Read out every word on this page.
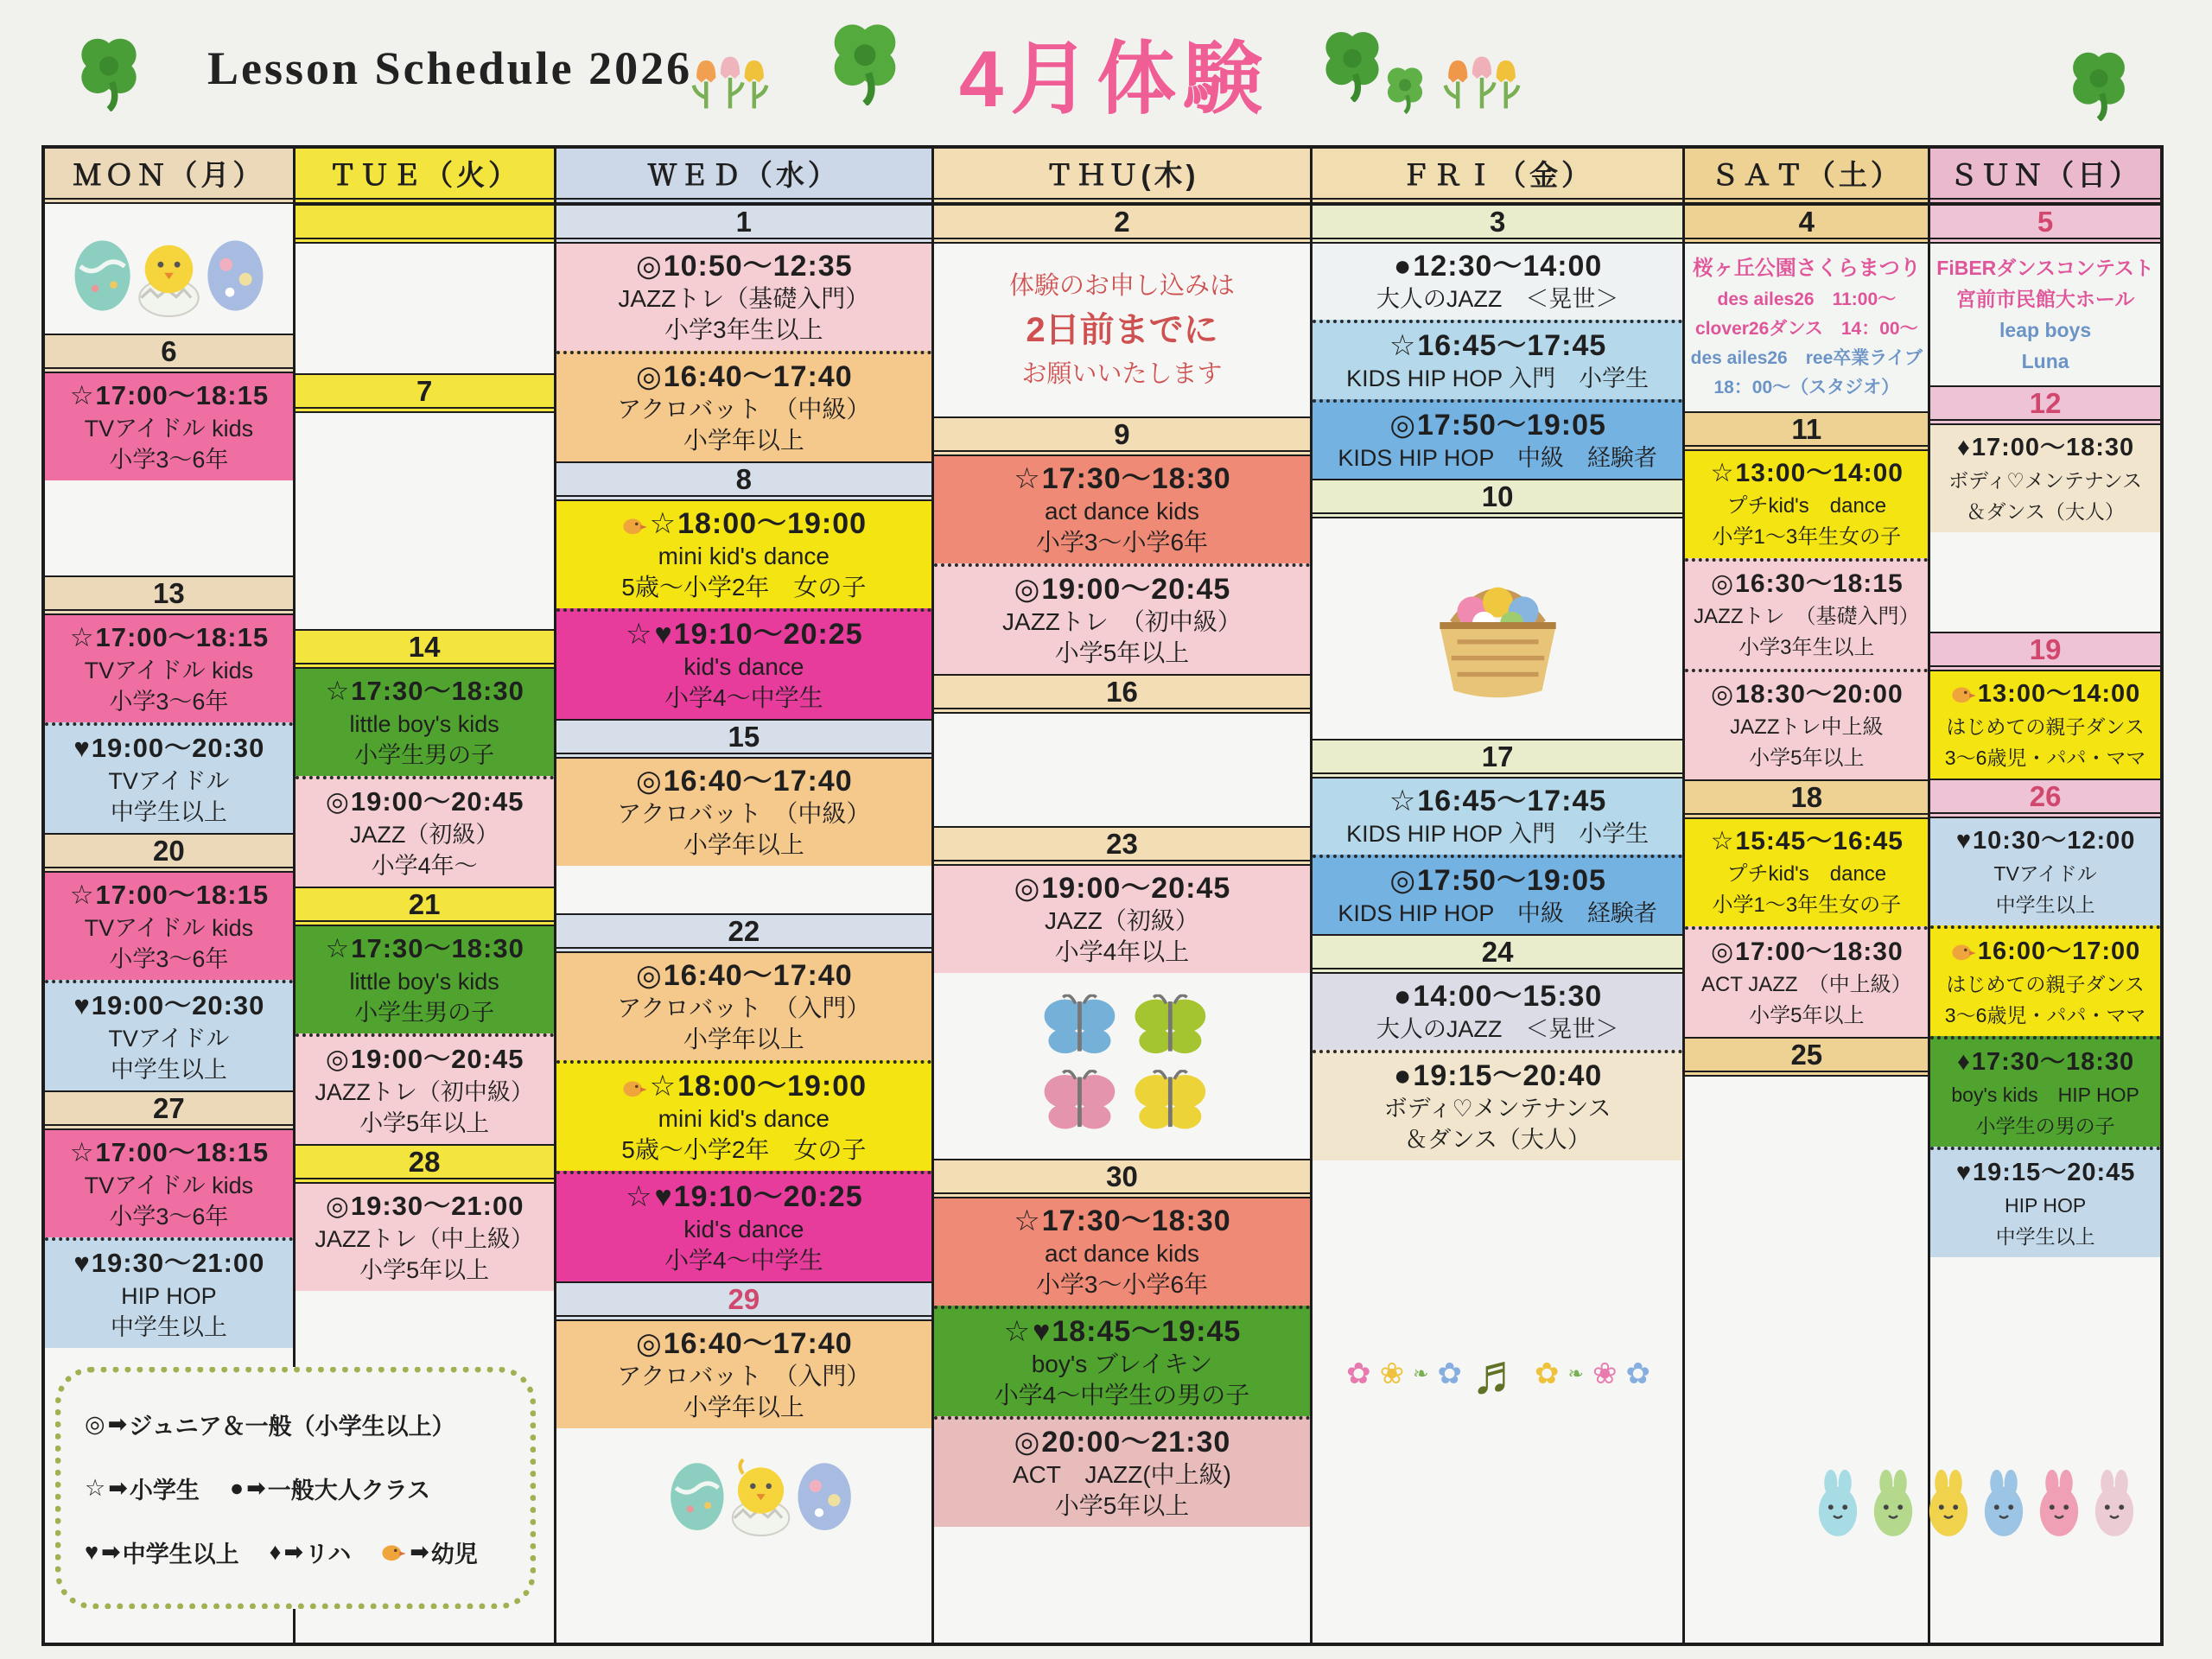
Lesson Schedule 2026	4月体験
ＭＯＮ（月）
6
☆ 17:00～18:15
TVアイドル kids
小学3～6年
13
☆ 17:00～18:15
TVアイドル kids
小学3～6年
♥ 19:00～20:30
TVアイドル
中学生以上
20
☆ 17:00～18:15
TVアイドル kids
小学3～6年
♥ 19:00～20:30
TVアイドル
中学生以上
27
☆ 17:00～18:15
TVアイドル kids
小学3～6年
♥ 19:30～21:00
HIP HOP
中学生以上
ＴＵＥ（火）
7
14
☆ 17:30～18:30
little boy's kids
小学生男の子
◎ 19:00～20:45
JAZZ（初級）
小学4年～
21
☆ 17:30～18:30
little boy's kids
小学生男の子
◎ 19:00～20:45
JAZZトレ（初中級）
小学5年以上
28
◎ 19:30～21:00
JAZZトレ（中上級）
小学5年以上
ＷＥＤ（水）
1
◎ 10:50～12:35
JAZZトレ（基礎入門）
小学3年生以上
◎ 16:40～17:40
アクロバット　（中級）
小学年以上
8
☆ 18:00～19:00
mini kid's dance
5歳～小学2年　女の子
☆ ♥ 19:10～20:25
kid's dance
小学4～中学生
15
◎ 16:40～17:40
アクロバット　（中級）
小学年以上
22
◎ 16:40～17:40
アクロバット　（入門）
小学年以上
☆ 18:00～19:00
mini kid's dance
5歳～小学2年　女の子
☆ ♥ 19:10～20:25
kid's dance
小学4～中学生
29
◎ 16:40～17:40
アクロバット　（入門）
小学年以上
ＴＨＵ(木)
2
体験のお申し込みは
2日前までに
お願いいたします
9
☆ 17:30～18:30
act dance kids
小学3～小学6年
◎ 19:00～20:45
JAZZトレ　（初中級）
小学5年以上
16
23
◎ 19:00～20:45
JAZZ（初級）
小学4年以上
30
☆ 17:30～18:30
act dance kids
小学3～小学6年
☆ ♥ 18:45～19:45
boy's ブレイキン
小学4～中学生の男の子
◎ 20:00～21:30
ACT　JAZZ(中上級)
小学5年以上
ＦＲＩ（金）
3
● 12:30～14:00
大人のJAZZ　＜晃世＞
☆ 16:45～17:45
KIDS HIP HOP 入門　小学生
◎ 17:50～19:05
KIDS HIP HOP　中級　経験者
10
17
☆ 16:45～17:45
KIDS HIP HOP 入門　小学生
◎ 17:50～19:05
KIDS HIP HOP　中級　経験者
24
● 14:00～15:30
大人のJAZZ　＜晃世＞
● 19:15～20:40
ボディ♡メンテナンス
＆ダンス（大人）
ＳＡＴ（土）
4
桜ヶ丘公園さくらまつり
des ailes26　11:00～
clover26ダンス　14：00～
des ailes26　ree卒業ライブ
18：00～（スタジオ）
11
☆ 13:00～14:00
プチkid's　dance
小学1～3年生女の子
◎ 16:30～18:15
JAZZトレ　（基礎入門）
小学3年生以上
◎ 18:30～20:00
JAZZトレ中上級
小学5年以上
18
☆ 15:45～16:45
プチkid's　dance
小学1～3年生女の子
◎ 17:00～18:30
ACT JAZZ　（中上級）
小学5年以上
25
ＳＵＮ（日）
5
FiBERダンスコンテスト
宮前市民館大ホール
leap boys
Luna
12
♦ 17:00～18:30
ボディ♡メンテナンス
＆ダンス（大人）
19
13:00～14:00
はじめての親子ダンス
3～6歳児・パパ・ママ
26
♥ 10:30～12:00
TVアイドル
中学生以上
16:00～17:00
はじめての親子ダンス
3～6歳児・パパ・ママ
♦ 17:30～18:30
boy's kids　HIP HOP
小学生の男の子
♥ 19:15～20:45
HIP HOP
中学生以上
◎ ➡ ジュニア＆一般（小学生以上）
☆ ➡ 小学生 ● ➡ 一般大人クラス
♥ ➡ 中学生以上 ♦ ➡ リハ	➡ 幼児
✿ ❀ ❧ ✿ ♬ ✿ ❧ ❀ ✿
